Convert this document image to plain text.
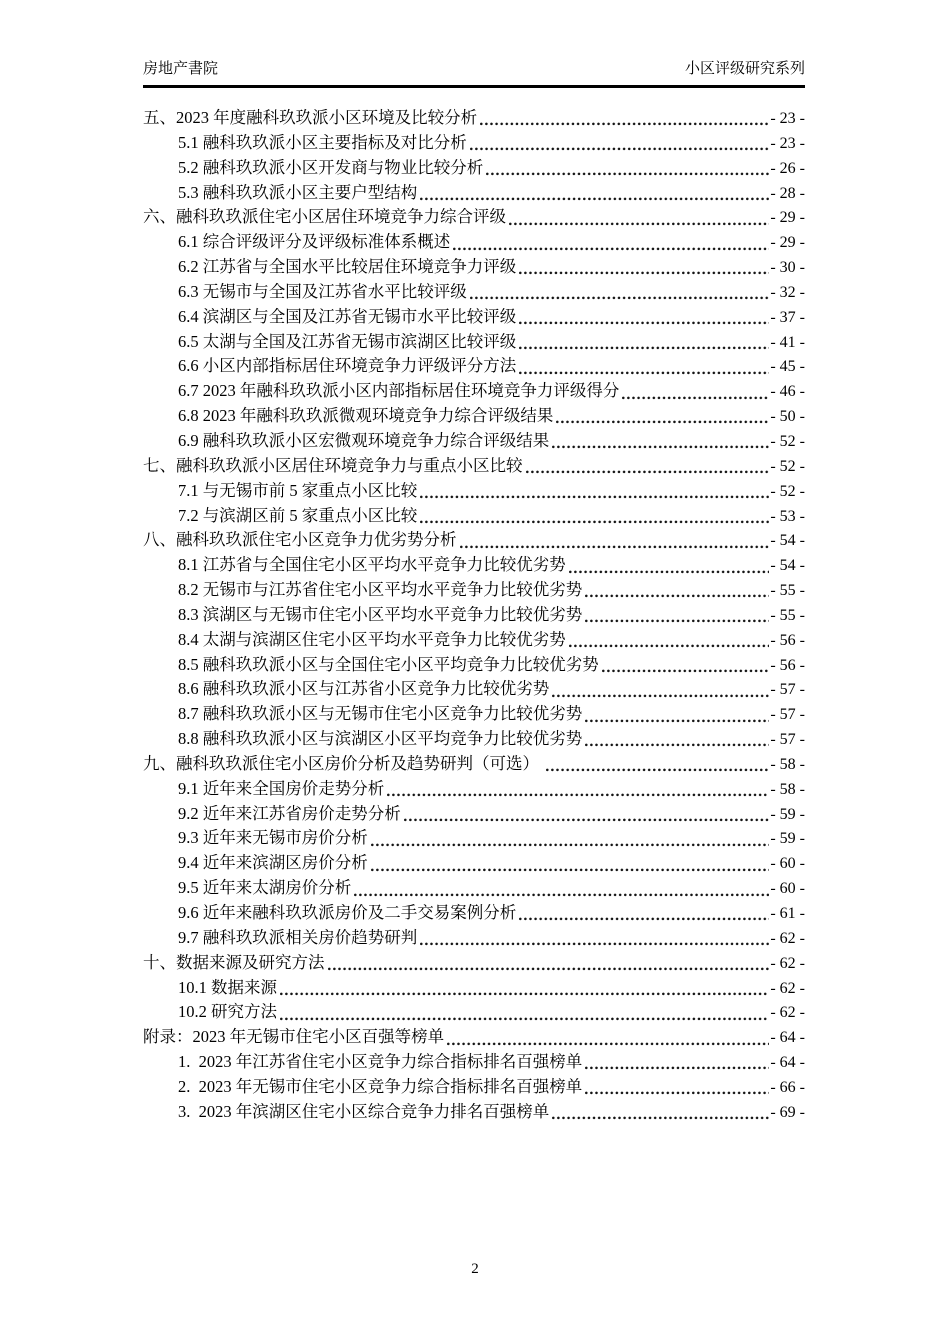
房地产書院	小区评级研究系列
五、2023 年度融科玖玖派小区环境及比较分析	- 23 -
5.1 融科玖玖派小区主要指标及对比分析	- 23 -
5.2 融科玖玖派小区开发商与物业比较分析	- 26 -
5.3 融科玖玖派小区主要户型结构	- 28 -
六、融科玖玖派住宅小区居住环境竞争力综合评级	- 29 -
6.1 综合评级评分及评级标准体系概述	- 29 -
6.2 江苏省与全国水平比较居住环境竞争力评级	- 30 -
6.3 无锡市与全国及江苏省水平比较评级	- 32 -
6.4 滨湖区与全国及江苏省无锡市水平比较评级	- 37 -
6.5 太湖与全国及江苏省无锡市滨湖区比较评级	- 41 -
6.6 小区内部指标居住环境竞争力评级评分方法	- 45 -
6.7 2023 年融科玖玖派小区内部指标居住环境竞争力评级得分	- 46 -
6.8 2023 年融科玖玖派微观环境竞争力综合评级结果	- 50 -
6.9 融科玖玖派小区宏微观环境竞争力综合评级结果	- 52 -
七、融科玖玖派小区居住环境竞争力与重点小区比较	- 52 -
7.1 与无锡市前 5 家重点小区比较	- 52 -
7.2 与滨湖区前 5 家重点小区比较	- 53 -
八、融科玖玖派住宅小区竞争力优劣势分析	- 54 -
8.1 江苏省与全国住宅小区平均水平竞争力比较优劣势	- 54 -
8.2 无锡市与江苏省住宅小区平均水平竞争力比较优劣势	- 55 -
8.3 滨湖区与无锡市住宅小区平均水平竞争力比较优劣势	- 55 -
8.4 太湖与滨湖区住宅小区平均水平竞争力比较优劣势	- 56 -
8.5 融科玖玖派小区与全国住宅小区平均竞争力比较优劣势	- 56 -
8.6 融科玖玖派小区与江苏省小区竞争力比较优劣势	- 57 -
8.7 融科玖玖派小区与无锡市住宅小区竞争力比较优劣势	- 57 -
8.8 融科玖玖派小区与滨湖区小区平均竞争力比较优劣势	- 57 -
九、融科玖玖派住宅小区房价分析及趋势研判（可选）	- 58 -
9.1 近年来全国房价走势分析	- 58 -
9.2 近年来江苏省房价走势分析	- 59 -
9.3 近年来无锡市房价分析	- 59 -
9.4 近年来滨湖区房价分析	- 60 -
9.5 近年来太湖房价分析	- 60 -
9.6 近年来融科玖玖派房价及二手交易案例分析	- 61 -
9.7 融科玖玖派相关房价趋势研判	- 62 -
十、数据来源及研究方法	- 62 -
10.1 数据来源	- 62 -
10.2 研究方法	- 62 -
附录：2023 年无锡市住宅小区百强等榜单	- 64 -
1.  2023 年江苏省住宅小区竞争力综合指标排名百强榜单	- 64 -
2.  2023 年无锡市住宅小区竞争力综合指标排名百强榜单	- 66 -
3.  2023 年滨湖区住宅小区综合竞争力排名百强榜单	- 69 -
2
